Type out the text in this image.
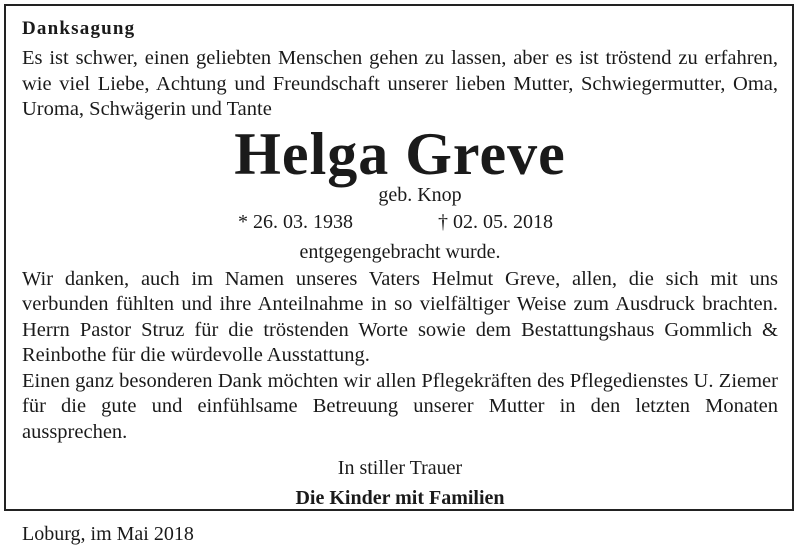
Danksagung

Es ist schwer, einen geliebten Menschen gehen zu lassen, aber es ist tröstend zu erfahren, wie viel Liebe, Achtung und Freundschaft unserer lieben Mutter, Schwiegermutter, Oma, Uroma, Schwägerin und Tante

Helga Greve
geb. Knop
* 26. 03. 1938	† 02. 05. 2018
entgegengebracht wurde.

Wir danken, auch im Namen unseres Vaters Helmut Greve, allen, die sich mit uns verbunden fühlten und ihre Anteilnahme in so vielfältiger Weise zum Ausdruck brachten. Herrn Pastor Struz für die tröstenden Worte sowie dem Bestattungshaus Gommlich & Reinbothe für die würdevolle Ausstattung.

Einen ganz besonderen Dank möchten wir allen Pflegekräften des Pflegedienstes U. Ziemer für die gute und einfühlsame Betreuung unserer Mutter in den letzten Monaten aussprechen.

In stiller Trauer
Die Kinder mit Familien
Loburg, im Mai 2018
